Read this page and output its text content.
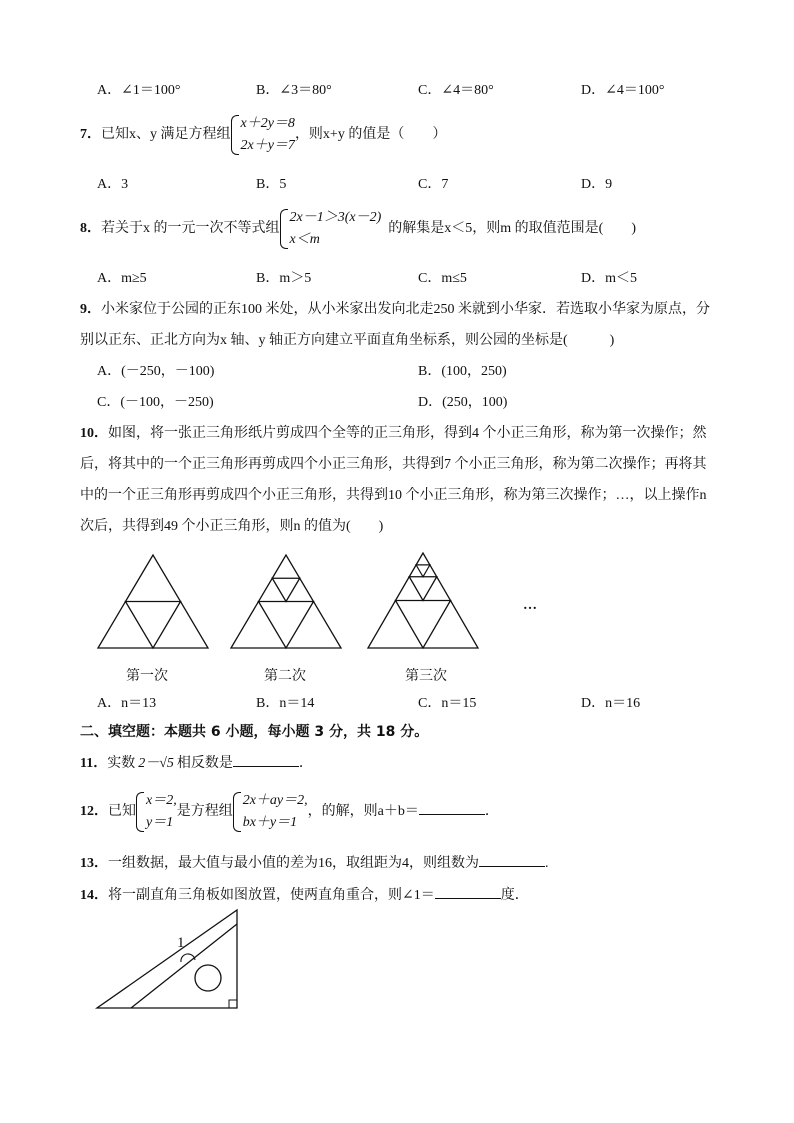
A．∠1＝100°	B．∠3＝80°	C．∠4＝80°	D．∠4＝100°
7．已知x、y 满足方程组
x＋2y＝8
2x＋y＝7
，则x+y 的值是（　　）
A．3	B．5	C．7	D．9
8．若关于x 的一元一次不等式组
2x－1＞3(x－2)
x＜m
的解集是x＜5，则m 的取值范围是(　　)
A．m≥5	B．m＞5	C．m≤5	D．m＜5
9．小米家位于公园的正东100 米处，从小米家出发向北走250 米就到小华家．若选取小华家为原点，分
别以正东、正北方向为x 轴、y 轴正方向建立平面直角坐标系，则公园的坐标是(　　　)
A．(－250，－100)	B．(100，250)
C．(－100，－250)	D．(250，100)
10．如图，将一张正三角形纸片剪成四个全等的正三角形，得到4 个小正三角形，称为第一次操作；然
后，将其中的一个正三角形再剪成四个小正三角形，共得到7 个小正三角形，称为第二次操作；再将其
中的一个正三角形再剪成四个小正三角形，共得到10 个小正三角形，称为第三次操作；…，以上操作n
次后，共得到49 个小正三角形，则n 的值为(　　)
…
第一次	第二次	第三次
A．n＝13	B．n＝14	C．n＝15	D．n＝16
二、填空题：本题共 6 小题，每小题 3 分，共 18 分。
11．实数 2－√5 相反数是	．
12．已知
x＝2,
y＝1
是方程组
2x＋ay＝2,
bx＋y＝1
，的解，则a＋b＝	．
13．一组数据，最大值与最小值的差为16，取组距为4，则组数为	.
14．将一副直角三角板如图放置，使两直角重合，则∠1＝	度．
1
